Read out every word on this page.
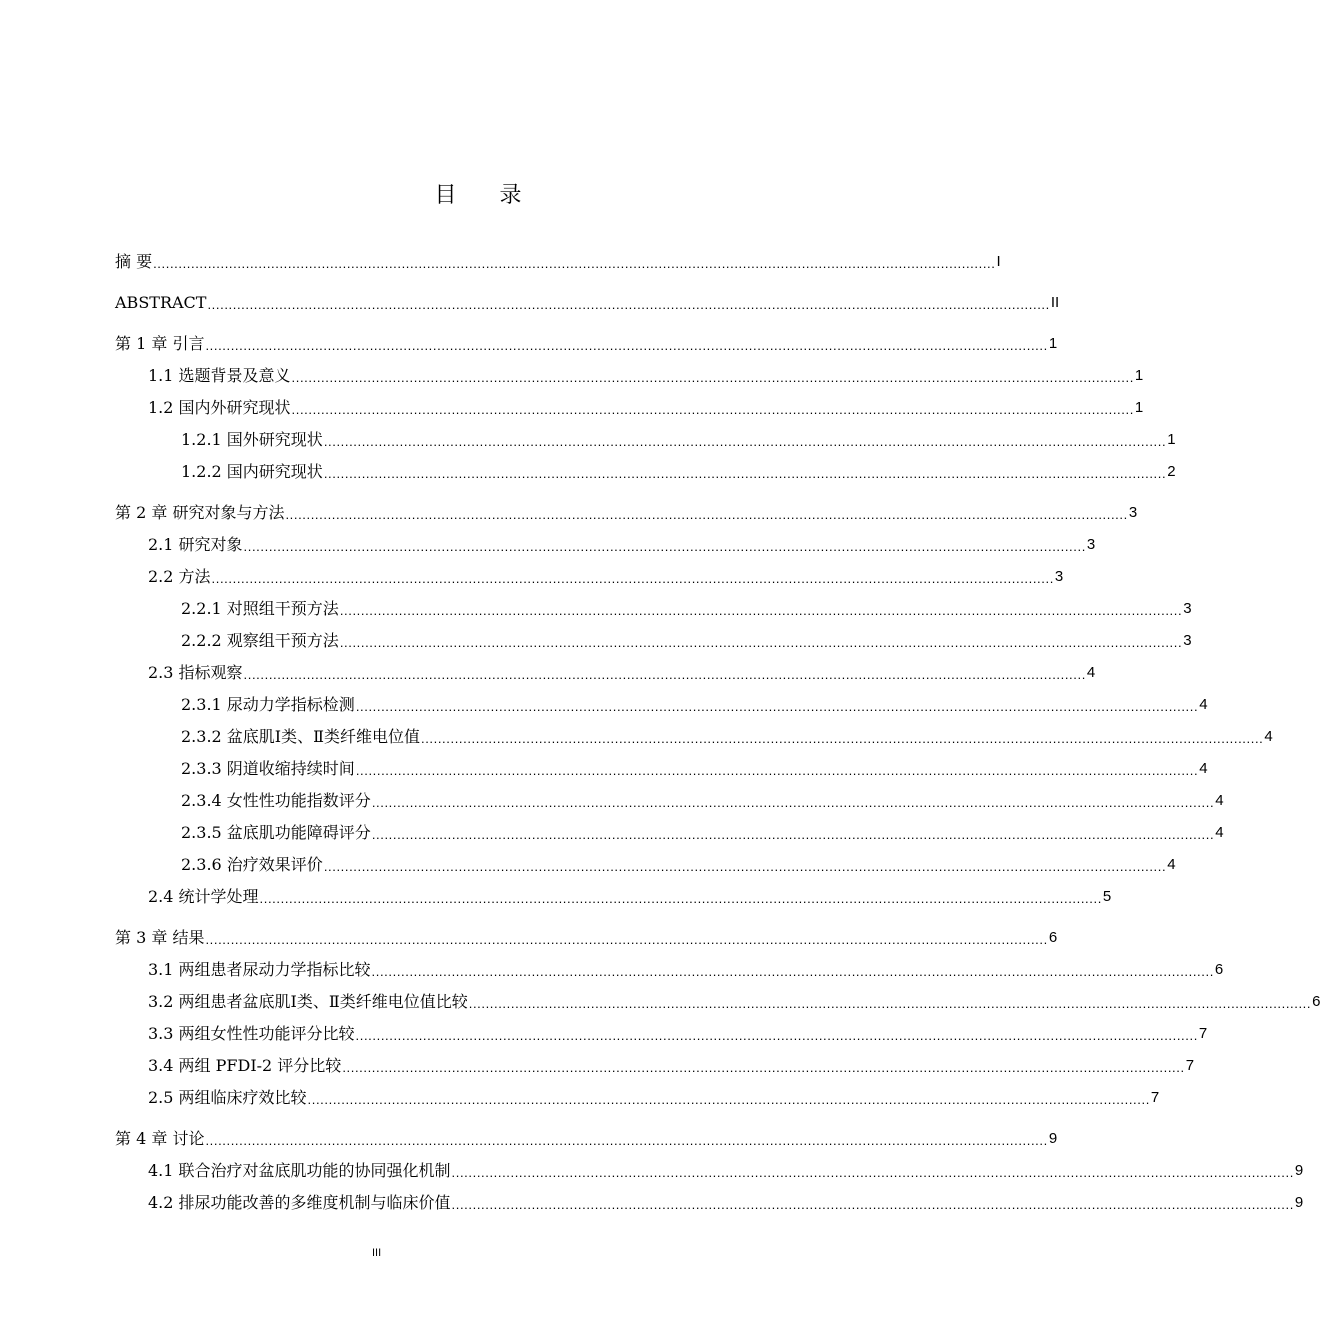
目 录
摘 要 ........................................................................................................................................................................................................ I
ABSTRACT ........................................................................................................................................................................................................ II
第 1 章 引言 ........................................................................................................................................................................................................ 1
1.1 选题背景及意义 ........................................................................................................................................................................................................ 1
1.2 国内外研究现状 ........................................................................................................................................................................................................ 1
1.2.1 国外研究现状 ........................................................................................................................................................................................................ 1
1.2.2 国内研究现状 ........................................................................................................................................................................................................ 2
第 2 章 研究对象与方法 ........................................................................................................................................................................................................ 3
2.1 研究对象 ........................................................................................................................................................................................................ 3
2.2 方法 ........................................................................................................................................................................................................ 3
2.2.1 对照组干预方法 ........................................................................................................................................................................................................ 3
2.2.2 观察组干预方法 ........................................................................................................................................................................................................ 3
2.3 指标观察 ........................................................................................................................................................................................................ 4
2.3.1 尿动力学指标检测 ........................................................................................................................................................................................................ 4
2.3.2 盆底肌Ⅰ类、Ⅱ类纤维电位值 ........................................................................................................................................................................................................ 4
2.3.3 阴道收缩持续时间 ........................................................................................................................................................................................................ 4
2.3.4 女性性功能指数评分 ........................................................................................................................................................................................................ 4
2.3.5 盆底肌功能障碍评分 ........................................................................................................................................................................................................ 4
2.3.6 治疗效果评价 ........................................................................................................................................................................................................ 4
2.4 统计学处理 ........................................................................................................................................................................................................ 5
第 3 章 结果 ........................................................................................................................................................................................................ 6
3.1 两组患者尿动力学指标比较 ........................................................................................................................................................................................................ 6
3.2 两组患者盆底肌Ⅰ类、Ⅱ类纤维电位值比较 ........................................................................................................................................................................................................ 6
3.3 两组女性性功能评分比较 ........................................................................................................................................................................................................ 7
3.4 两组 PFDI-2 评分比较 ........................................................................................................................................................................................................ 7
2.5 两组临床疗效比较 ........................................................................................................................................................................................................ 7
第 4 章 讨论 ........................................................................................................................................................................................................ 9
4.1 联合治疗对盆底肌功能的协同强化机制 ........................................................................................................................................................................................................ 9
4.2 排尿功能改善的多维度机制与临床价值 ........................................................................................................................................................................................................ 9
III
